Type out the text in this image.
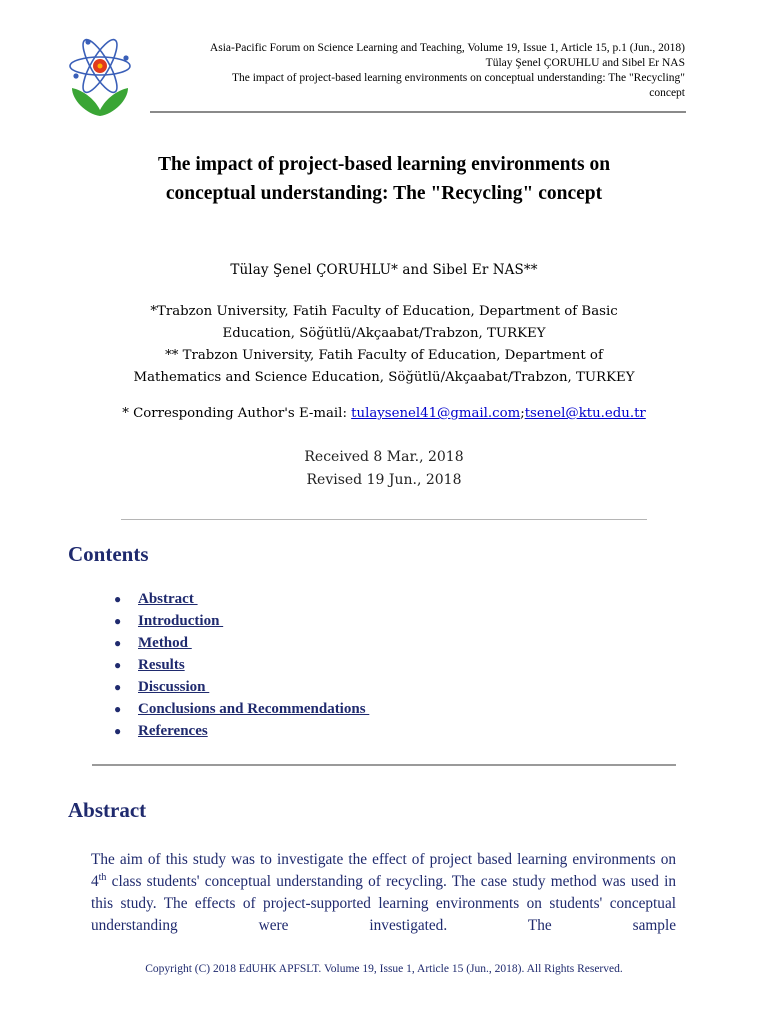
Asia-Pacific Forum on Science Learning and Teaching, Volume 19, Issue 1, Article 15, p.1 (Jun., 2018)
Tülay Şenel ÇORUHLU and Sibel Er NAS
The impact of project-based learning environments on conceptual understanding: The "Recycling"
concept
The impact of project-based learning environments on
conceptual understanding: The "Recycling" concept
Tülay Şenel ÇORUHLU* and Sibel Er NAS**
*Trabzon University, Fatih Faculty of Education, Department of Basic
Education, Söğütlü/Akçaabat/Trabzon, TURKEY
** Trabzon University, Fatih Faculty of Education, Department of
Mathematics and Science Education, Söğütlü/Akçaabat/Trabzon, TURKEY
* Corresponding Author's E-mail: tulaysenel41@gmail.com;tsenel@ktu.edu.tr
Received 8 Mar., 2018
Revised 19 Jun., 2018
Contents
● Abstract
● Introduction
● Method
● Results
● Discussion
● Conclusions and Recommendations
● References
Abstract
The aim of this study was to investigate the effect of project based learning environments on 4th class students' conceptual understanding of recycling. The case study method was used in this study. The effects of project-supported learning environments on students' conceptual understanding were investigated. The sample
Copyright (C) 2018 EdUHK APFSLT. Volume 19, Issue 1, Article 15 (Jun., 2018). All Rights Reserved.
